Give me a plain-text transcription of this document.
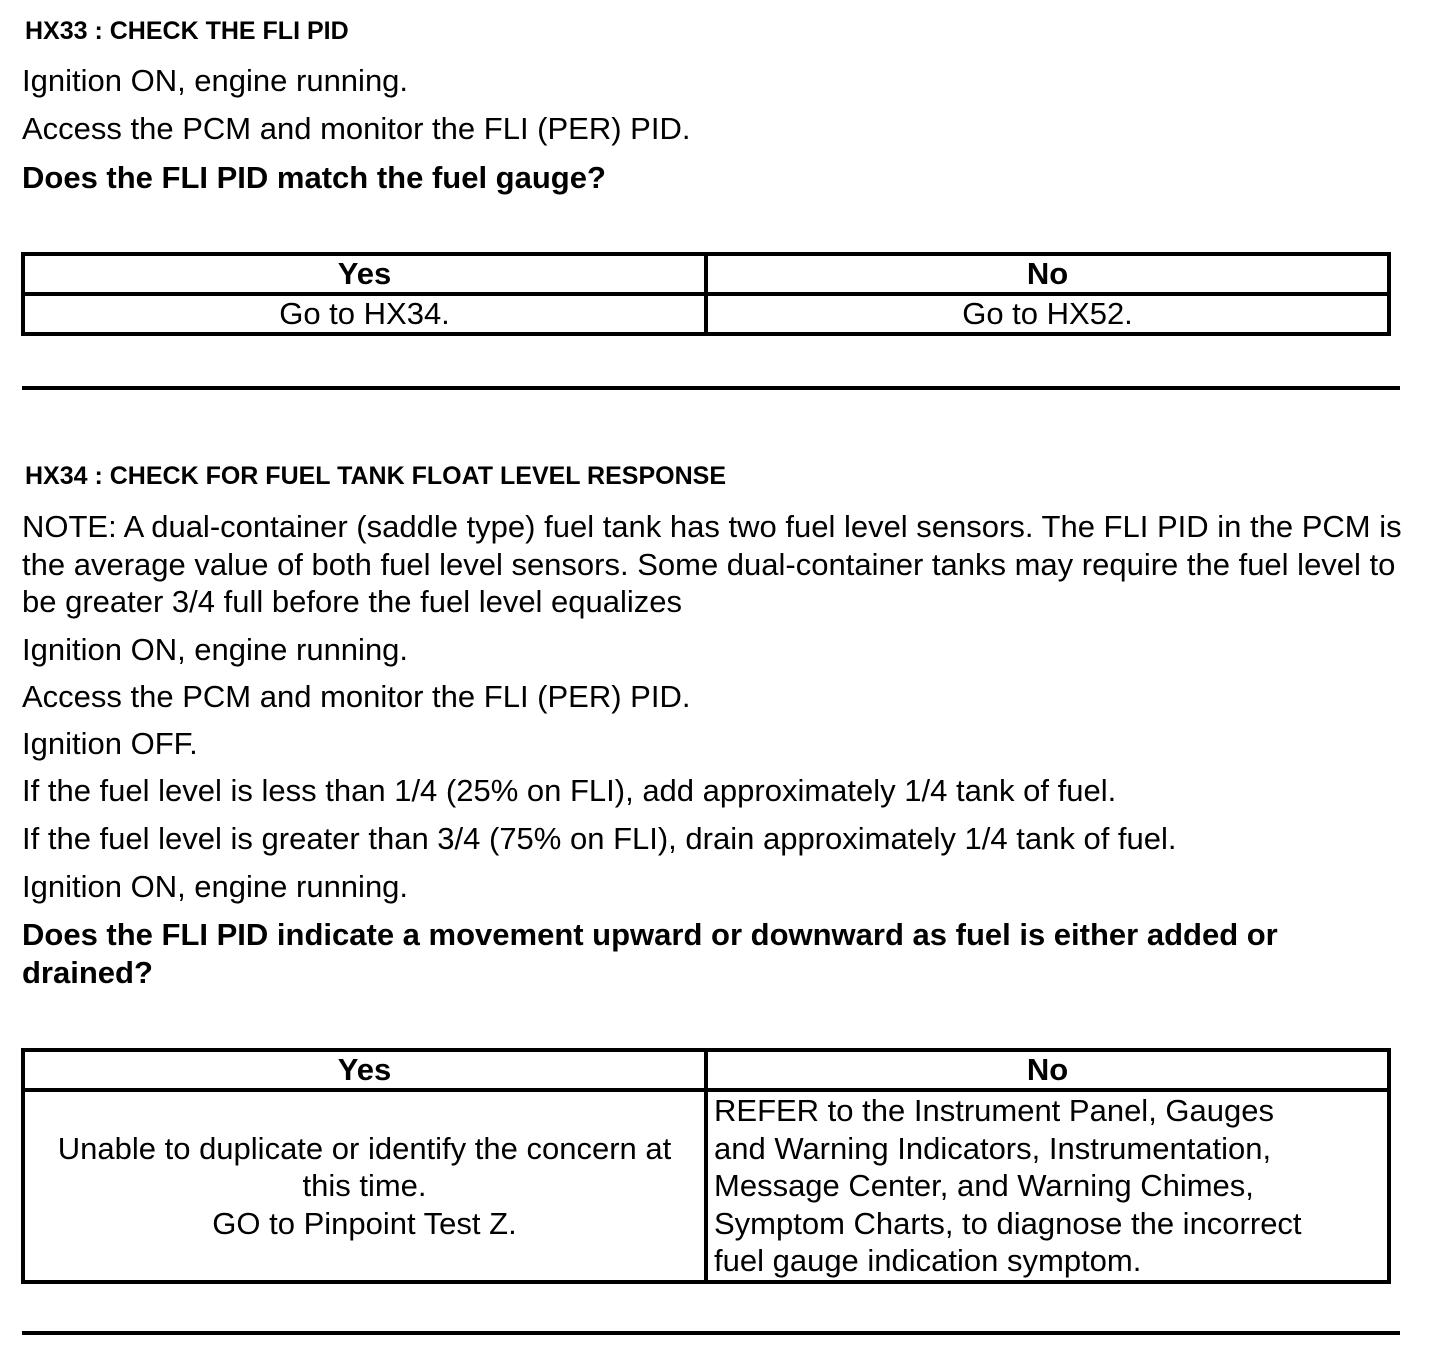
HX33 : CHECK THE FLI PID
Ignition ON, engine running.
Access the PCM and monitor the FLI (PER) PID.
Does the FLI PID match the fuel gauge?
Yes	No
Go to HX34.	Go to HX52.
HX34 : CHECK FOR FUEL TANK FLOAT LEVEL RESPONSE
NOTE: A dual-container (saddle type) fuel tank has two fuel level sensors. The FLI PID in the PCM is the average value of both fuel level sensors. Some dual-container tanks may require the fuel level to be greater 3/4 full before the fuel level equalizes
Ignition ON, engine running.
Access the PCM and monitor the FLI (PER) PID.
Ignition OFF.
If the fuel level is less than 1/4 (25% on FLI), add approximately 1/4 tank of fuel.
If the fuel level is greater than 3/4 (75% on FLI), drain approximately 1/4 tank of fuel.
Ignition ON, engine running.
Does the FLI PID indicate a movement upward or downward as fuel is either added or drained?
Yes	No

Unable to duplicate or identify the concern at
this time.
GO to Pinpoint Test Z.	REFER to the Instrument Panel, Gauges
and Warning Indicators, Instrumentation,
Message Center, and Warning Chimes,
Symptom Charts, to diagnose the incorrect
fuel gauge indication symptom.
